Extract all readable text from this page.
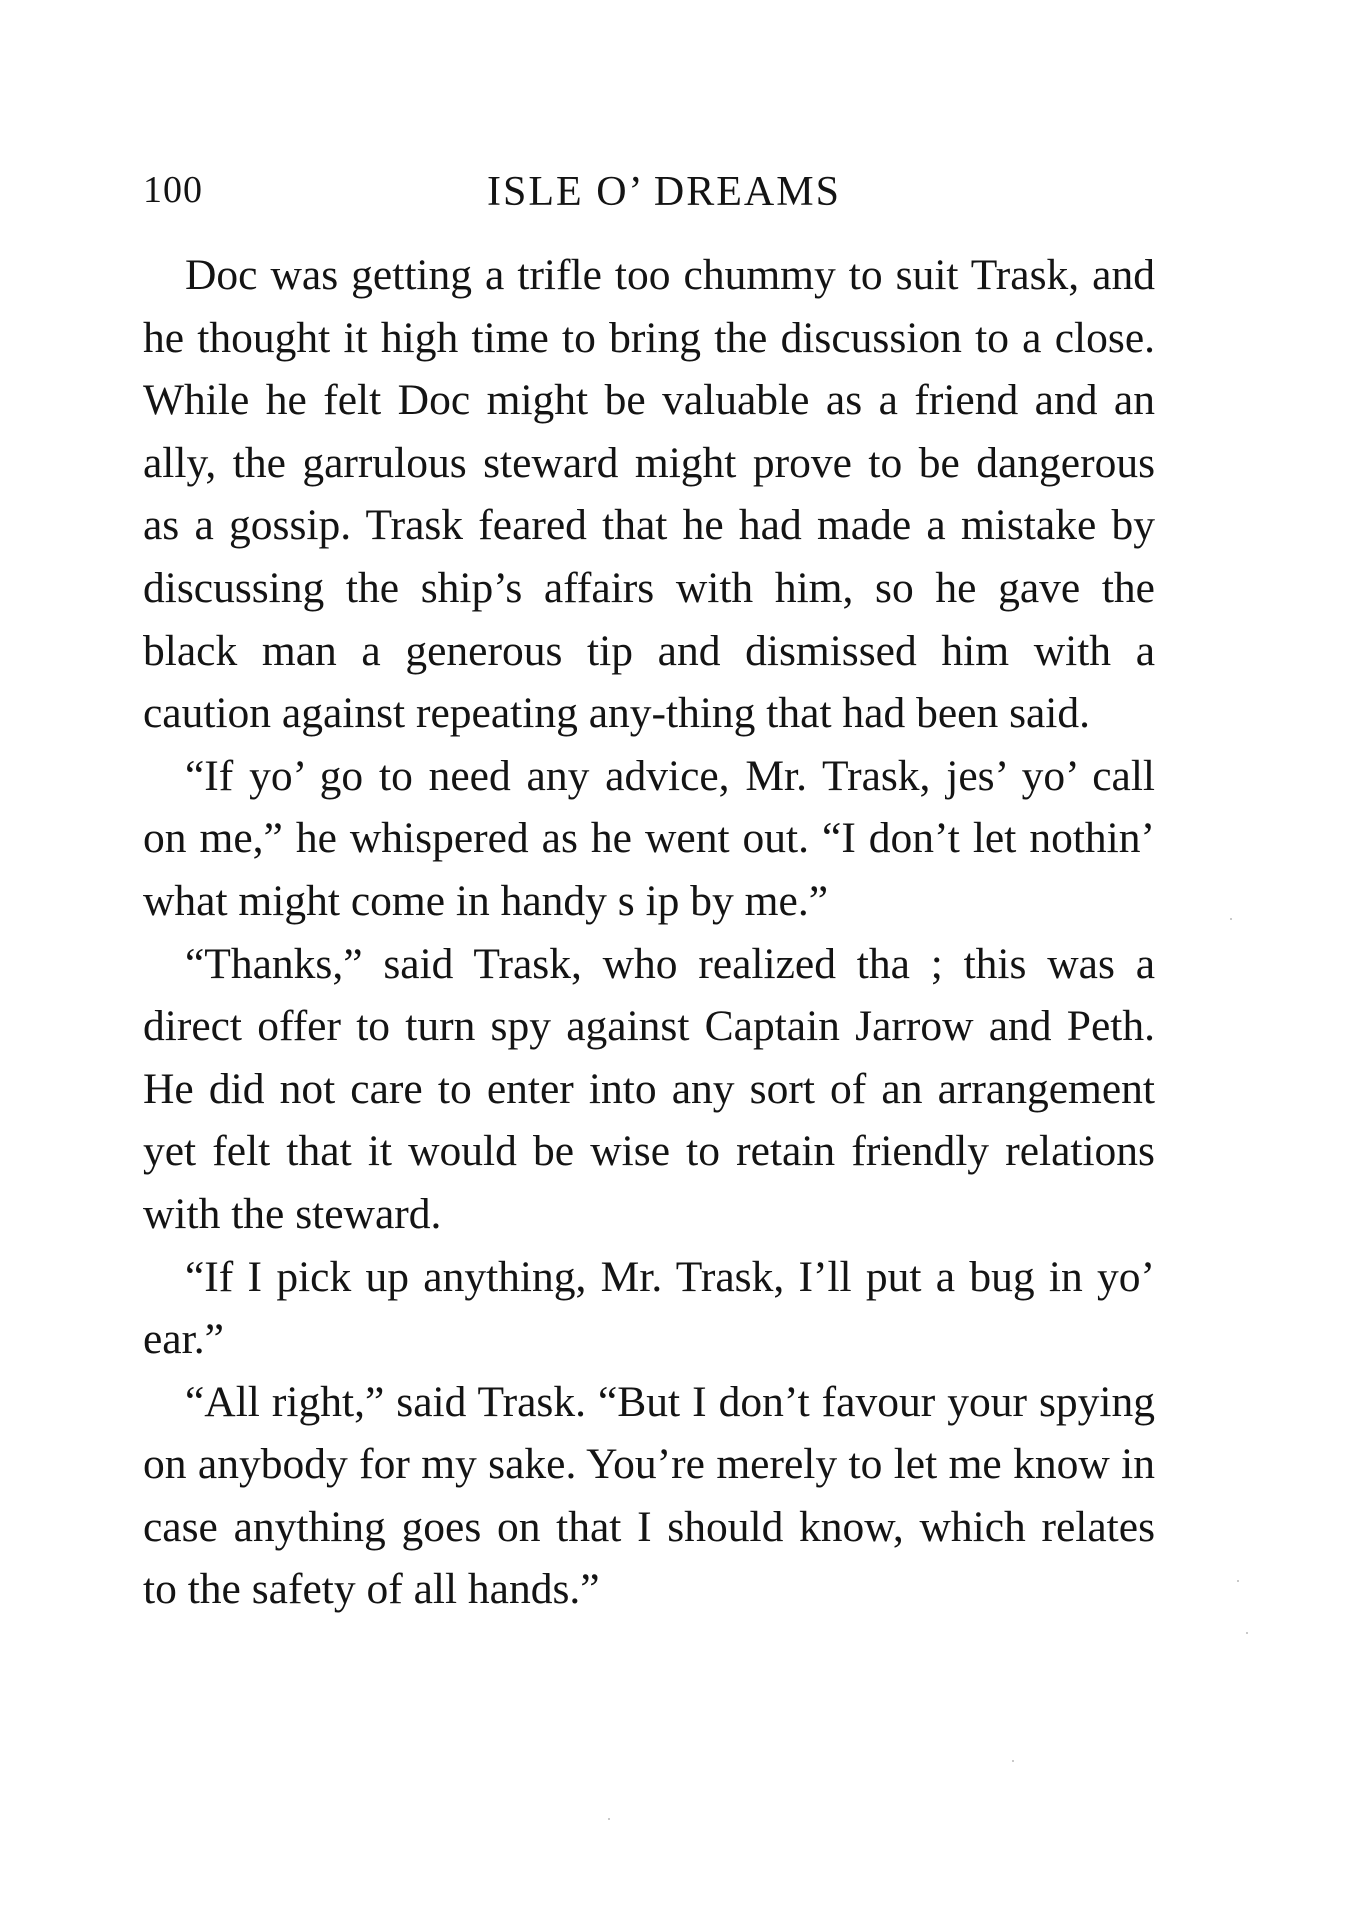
100	ISLE O’ DREAMS

Doc was getting a trifle too chummy to suit Trask, and he thought it high time to bring the discussion to a close. While he felt Doc might be valuable as a friend and an ally, the garrulous steward might prove to be dangerous as a gossip. Trask feared that he had made a mistake by discussing the ship’s affairs with him, so he gave the black man a generous tip and dismissed him with a caution against repeating any-thing that had been said.

“If yo’ go to need any advice, Mr. Trask, jes’ yo’ call on me,” he whispered as he went out. “I don’t let nothin’ what might come in handy s ip by me.”

“Thanks,” said Trask, who realized tha ; this was a direct offer to turn spy against Captain Jarrow and Peth. He did not care to enter into any sort of an arrangement yet felt that it would be wise to retain friendly relations with the steward.

“If I pick up anything, Mr. Trask, I’ll put a bug in yo’ ear.”

“All right,” said Trask. “But I don’t favour your spying on anybody for my sake. You’re merely to let me know in case anything goes on that I should know, which relates to the safety of all hands.”
